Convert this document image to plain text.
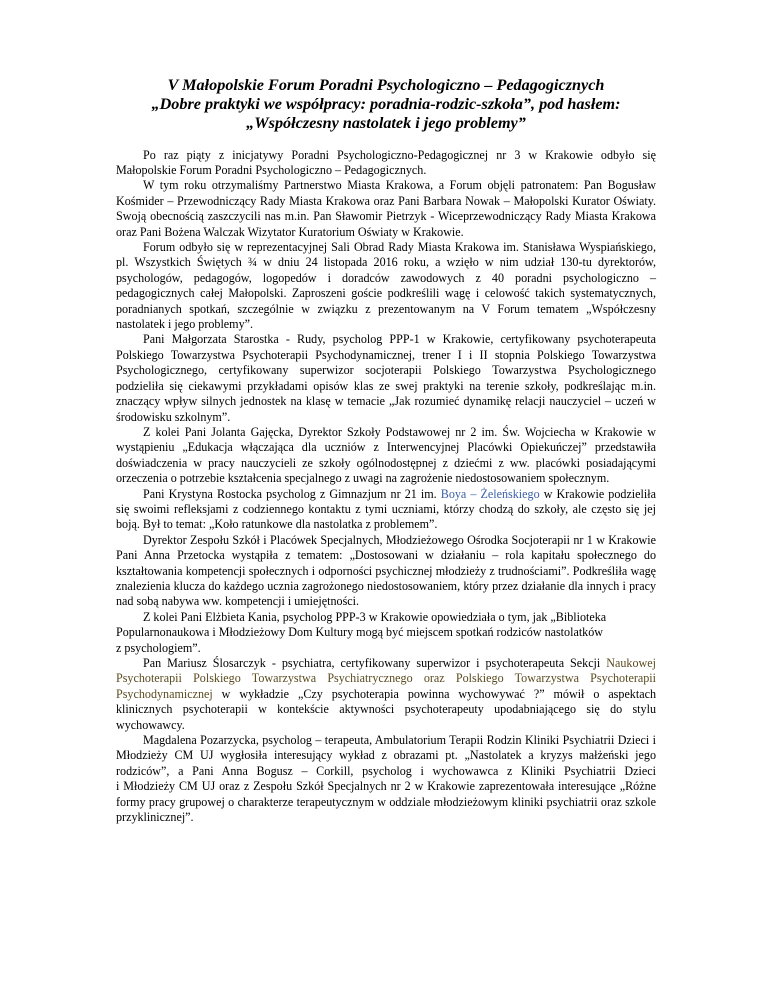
V Małopolskie Forum Poradni Psychologiczno – Pedagogicznych
„Dobre praktyki we współpracy: poradnia-rodzic-szkoła”, pod hasłem:
„Współczesny nastolatek i jego problemy”

Po raz piąty z inicjatywy Poradni Psychologiczno-Pedagogicznej nr 3 w Krakowie odbyło się Małopolskie Forum Poradni Psychologiczno – Pedagogicznych.

W tym roku otrzymaliśmy Partnerstwo Miasta Krakowa, a Forum objęli patronatem: Pan Bogusław Kośmider – Przewodniczący Rady Miasta Krakowa oraz Pani Barbara Nowak – Małopolski Kurator Oświaty. Swoją obecnością zaszczycili nas m.in. Pan Sławomir Pietrzyk - Wiceprzewodniczący Rady Miasta Krakowa oraz Pani Bożena Walczak Wizytator Kuratorium Oświaty w Krakowie.

Forum odbyło się w reprezentacyjnej Sali Obrad Rady Miasta Krakowa im. Stanisława Wyspiańskiego, pl. Wszystkich Świętych ¾ w dniu 24 listopada 2016 roku, a wzięło w nim udział 130-tu dyrektorów, psychologów, pedagogów, logopedów i doradców zawodowych z 40 poradni psychologiczno – pedagogicznych całej Małopolski. Zaproszeni goście podkreślili wagę i celowość takich systematycznych, poradnianych spotkań, szczególnie w związku z prezentowanym na V Forum tematem „Współczesny nastolatek i jego problemy”.

Pani Małgorzata Starostka - Rudy, psycholog PPP-1 w Krakowie, certyfikowany psychoterapeuta Polskiego Towarzystwa Psychoterapii Psychodynamicznej, trener I i II stopnia Polskiego Towarzystwa Psychologicznego, certyfikowany superwizor socjoterapii Polskiego Towarzystwa Psychologicznego

podzieliła się ciekawymi przykładami opisów klas ze swej praktyki na terenie szkoły, podkreślając m.in. znaczący wpływ silnych jednostek na klasę w temacie „Jak rozumieć dynamikę relacji nauczyciel – uczeń w środowisku szkolnym”.

Z kolei Pani Jolanta Gajęcka, Dyrektor Szkoły Podstawowej nr 2 im. Św. Wojciecha w Krakowie w wystąpieniu „Edukacja włączająca dla uczniów z Interwencyjnej Placówki Opiekuńczej” przedstawiła doświadczenia w pracy nauczycieli ze szkoły ogólnodostępnej z dziećmi z ww. placówki posiadającymi orzeczenia o potrzebie kształcenia specjalnego z uwagi na zagrożenie niedostosowaniem społecznym.

Pani Krystyna Rostocka psycholog z Gimnazjum nr 21 im. Boya – Żeleńskiego w Krakowie podzieliła się swoimi refleksjami z codziennego kontaktu z tymi uczniami, którzy chodzą do szkoły, ale często się jej boją. Był to temat: „Koło ratunkowe dla nastolatka z problemem”.

Dyrektor Zespołu Szkół i Placówek Specjalnych, Młodzieżowego Ośrodka Socjoterapii nr 1 w Krakowie Pani Anna Przetocka wystąpiła z tematem: „Dostosowani w działaniu – rola kapitału społecznego do kształtowania kompetencji społecznych i odporności psychicznej młodzieży z trudnościami”. Podkreśliła wagę znalezienia klucza do każdego ucznia zagrożonego niedostosowaniem, który przez działanie dla innych i pracy nad sobą nabywa ww. kompetencji i umiejętności.

Z kolei Pani Elżbieta Kania, psycholog PPP-3 w Krakowie opowiedziała o tym, jak „Biblioteka Popularnonaukowa i Młodzieżowy Dom Kultury mogą być miejscem spotkań rodziców nastolatków

z psychologiem”.

Pan Mariusz Ślosarczyk - psychiatra, certyfikowany superwizor i psychoterapeuta Sekcji Naukowej Psychoterapii Polskiego Towarzystwa Psychiatrycznego oraz Polskiego Towarzystwa Psychoterapii Psychodynamicznej w wykładzie „Czy psychoterapia powinna wychowywać ?” mówił o aspektach klinicznych psychoterapii w kontekście aktywności psychoterapeuty upodabniającego się do stylu wychowawcy.

Magdalena Pozarzycka, psycholog – terapeuta, Ambulatorium Terapii Rodzin Kliniki Psychiatrii Dzieci i Młodzieży CM UJ wygłosiła interesujący wykład z obrazami pt. „Nastolatek a kryzys małżeński jego rodziców”, a Pani Anna Bogusz – Corkill, psycholog i wychowawca z Kliniki Psychiatrii Dzieci

i Młodzieży CM UJ oraz z Zespołu Szkół Specjalnych nr 2 w Krakowie zaprezentowała interesujące „Różne formy pracy grupowej o charakterze terapeutycznym w oddziale młodzieżowym kliniki psychiatrii oraz szkole przyklinicznej”.
